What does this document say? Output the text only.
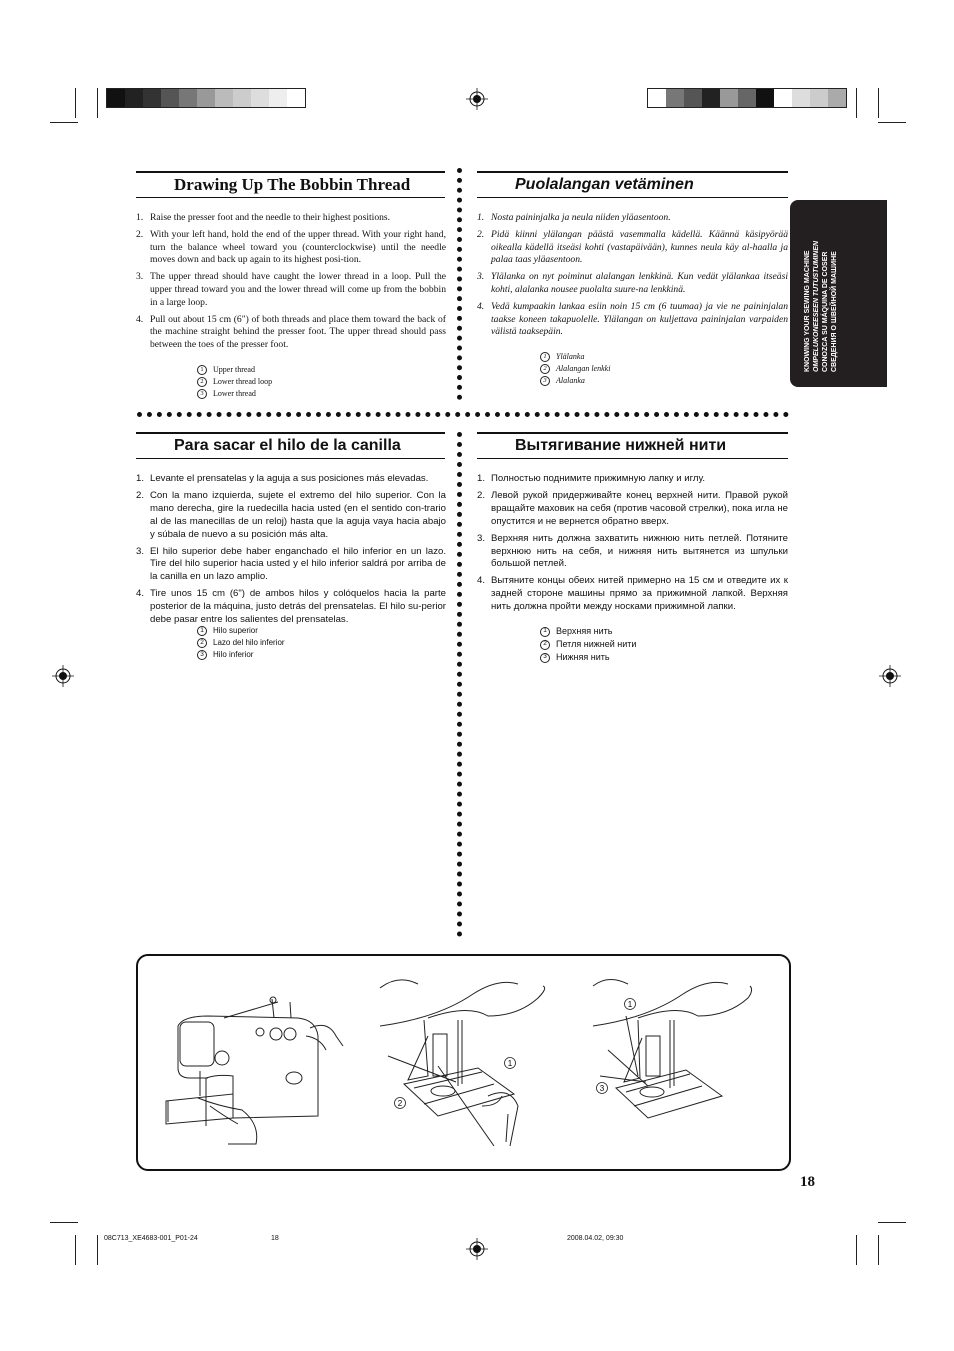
Drawing Up The Bobbin Thread
1. Raise the presser foot and the needle to their highest positions.
2. With your left hand, hold the end of the upper thread. With your right hand, turn the balance wheel toward you (counterclockwise) until the needle moves down and back up again to its highest posi-tion.
3. The upper thread should have caught the lower thread in a loop. Pull the upper thread toward you and the lower thread will come up from the bobbin in a large loop.
4. Pull out about 15 cm (6") of both threads and place them toward the back of the machine straight behind the presser foot. The upper thread should pass between the toes of the presser foot.
1	Upper thread
2	Lower thread loop
3	Lower thread
Puolalangan vetäminen
1. Nosta paininjalka ja neula niiden yläasentoon.
2. Pidä kiinni ylälangan päästä vasemmalla kädellä. Käännä käsipyörää oikealla kädellä itseäsi kohti (vastapäivään), kunnes neula käy al-haalla ja palaa taas yläasentoon.
3. Ylälanka on nyt poiminut alalangan lenkkinä. Kun vedät ylälankaa itseäsi kohti, alalanka nousee puolalta suure-na lenkkinä.
4. Vedä kumpaakin lankaa esiin noin 15 cm (6 tuumaa) ja vie ne paininjalan taakse koneen takapuolelle. Ylälangan on kuljettava paininjalan varpaiden välistä taaksepäin.
1	Ylälanka
2	Alalangan lenkki
3	Alalanka
KNOWING YOUR SEWING MACHINE OMPELUKONEESEEN TUTUSTUMINEN CONOZCA SU MÁQUINA DE COSER СВЕДЕНИЯ О ШВЕЙНОЙ МАШИНЕ
Para sacar el hilo de la canilla
1. Levante el prensatelas y la aguja a sus posiciones más elevadas.
2. Con la mano izquierda, sujete el extremo del hilo superior. Con la mano derecha, gire la ruedecilla hacia usted (en el sentido con-trario al de las manecillas de un reloj) hasta que la aguja vaya hacia abajo y súbala de nuevo a su posición más alta.
3. El hilo superior debe haber enganchado el hilo inferior en un lazo. Tire del hilo superior hacia usted y el hilo inferior saldrá por arriba de la canilla en un lazo amplio.
4. Tire unos 15 cm (6") de ambos hilos y colóquelos hacia la parte posterior de la máquina, justo detrás del prensatelas. El hilo su-perior debe pasar entre los salientes del prensatelas.
1	Hilo superior
2	Lazo del hilo inferior
3	Hilo inferior
Вытягивание нижней нити
1. Полностью поднимите прижимную лапку и иглу.
2. Левой рукой придерживайте конец верхней нити. Правой рукой вращайте маховик на себя (против часовой стрелки), пока игла не опустится и не вернется обратно вверх.
3. Верхняя нить должна захватить нижнюю нить петлей. Потяните верхнюю нить на себя, и нижняя нить вытянется из шпульки большой петлей.
4. Вытяните концы обеих нитей примерно на 15 см и отведите их к задней стороне машины прямо за прижимной лапкой. Верхняя нить должна пройти между носками прижимной лапки.
1	Верхняя нить
2	Петля нижней нити
3	Нижняя нить
1
2
1
3
18
08C713_XE4683-001_P01-24	18	2008.04.02, 09:30
